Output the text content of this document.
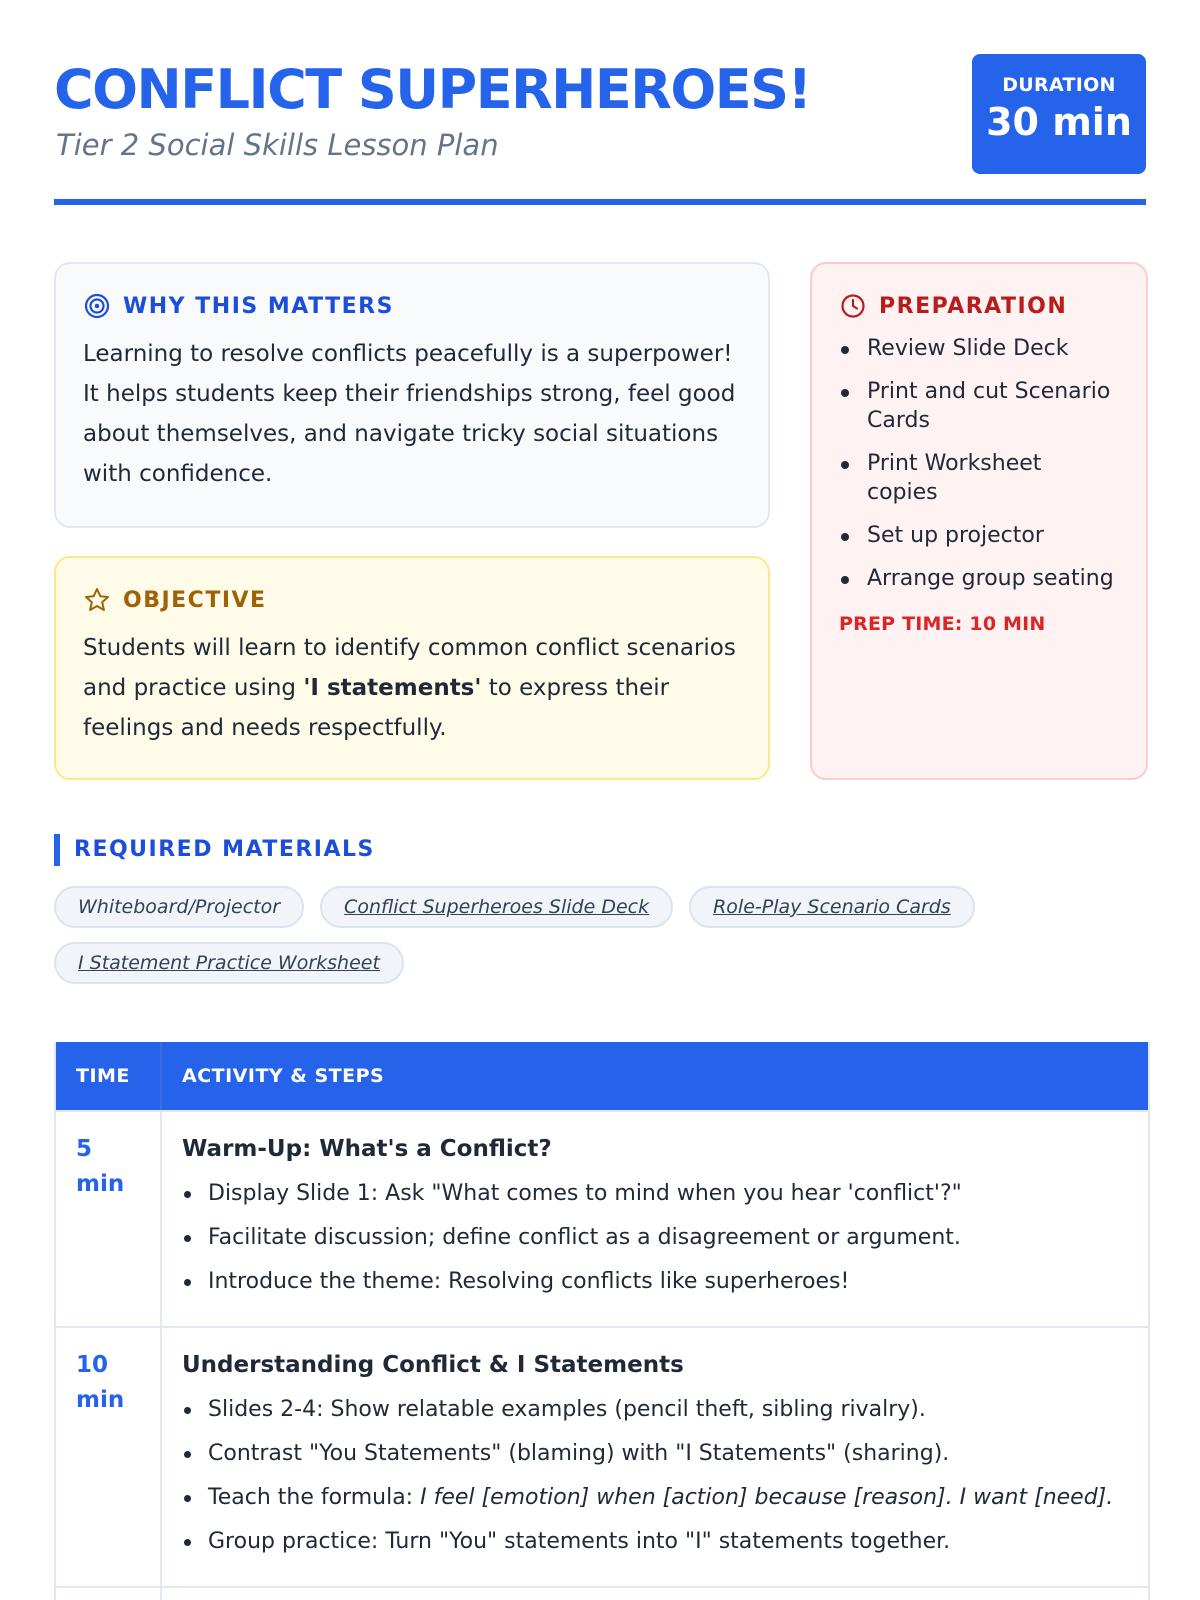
CONFLICT SUPERHEROES!
Tier 2 Social Skills Lesson Plan
DURATION
30 min
WHY THIS MATTERS

Learning to resolve conflicts peacefully is a superpower! It helps students keep their friendships strong, feel good about themselves, and navigate tricky social situations with confidence.

OBJECTIVE

Students will learn to identify common conflict scenarios and practice using 'I statements' to express their feelings and needs respectfully.

PREPARATION
Review Slide Deck
Print and cut Scenario Cards
Print Worksheet copies
Set up projector
Arrange group seating
PREP TIME: 10 MIN
REQUIRED MATERIALS
Whiteboard/Projector	Conflict Superheroes Slide Deck	Role-Play Scenario Cards
I Statement Practice Worksheet
TIME	ACTIVITY & STEPS
5 min
Warm-Up: What's a Conflict?
Display Slide 1: Ask "What comes to mind when you hear 'conflict'?"
Facilitate discussion; define conflict as a disagreement or argument.
Introduce the theme: Resolving conflicts like superheroes!
10 min
Understanding Conflict & I Statements
Slides 2-4: Show relatable examples (pencil theft, sibling rivalry).
Contrast "You Statements" (blaming) with "I Statements" (sharing).
Teach the formula: I feel [emotion] when [action] because [reason]. I want [need].
Group practice: Turn "You" statements into "I" statements together.
